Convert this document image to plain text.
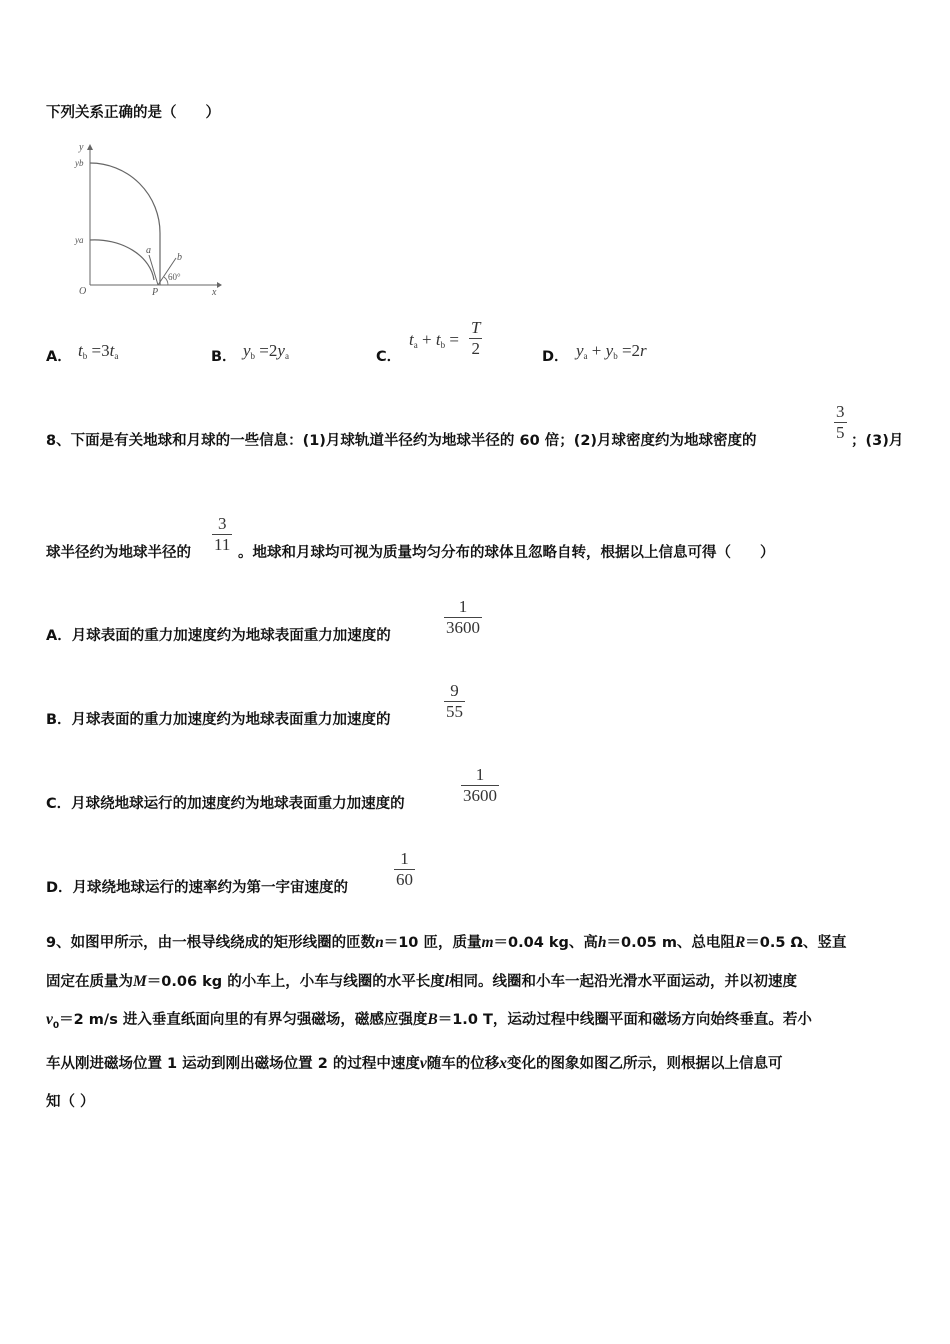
下列关系正确的是（　　）
y
x
O	P
yb
ya
a
b
60°
A． $t_b =3t_a$	B． $y_b =2y_a$	C．
$t_a + t_b$ =
T
2	D． $y_a + y_b =2r$
8、下面是有关地球和月球的一些信息：(1)月球轨道半径约为地球半径的 60 倍；(2)月球密度约为地球密度的
3
5 ；(3)月
球半径约为地球半径的
3
11 。地球和月球均可视为质量均匀分布的球体且忽略自转，根据以上信息可得（　　）
A．月球表面的重力加速度约为地球表面重力加速度的
1
3600
B．月球表面的重力加速度约为地球表面重力加速度的
9
55
C．月球绕地球运行的加速度约为地球表面重力加速度的
1
3600
D．月球绕地球运行的速率约为第一宇宙速度的
1
60
9、如图甲所示，由一根导线绕成的矩形线圈的匝数n＝10 匝，质量m＝0.04 kg、高h＝0.05 m、总电阻R＝0.5 Ω、竖直
固定在质量为M＝0.06 kg 的小车上，小车与线圈的水平长度l相同。线圈和小车一起沿光滑水平面运动，并以初速度
$v_0=2$ m/s 进入垂直纸面向里的有界匀强磁场，磁感应强度B＝1.0 T，运动过程中线圈平面和磁场方向始终垂直。若小
车从刚进磁场位置 1 运动到刚出磁场位置 2 的过程中速度v随车的位移x变化的图象如图乙所示，则根据以上信息可
知（ ）
